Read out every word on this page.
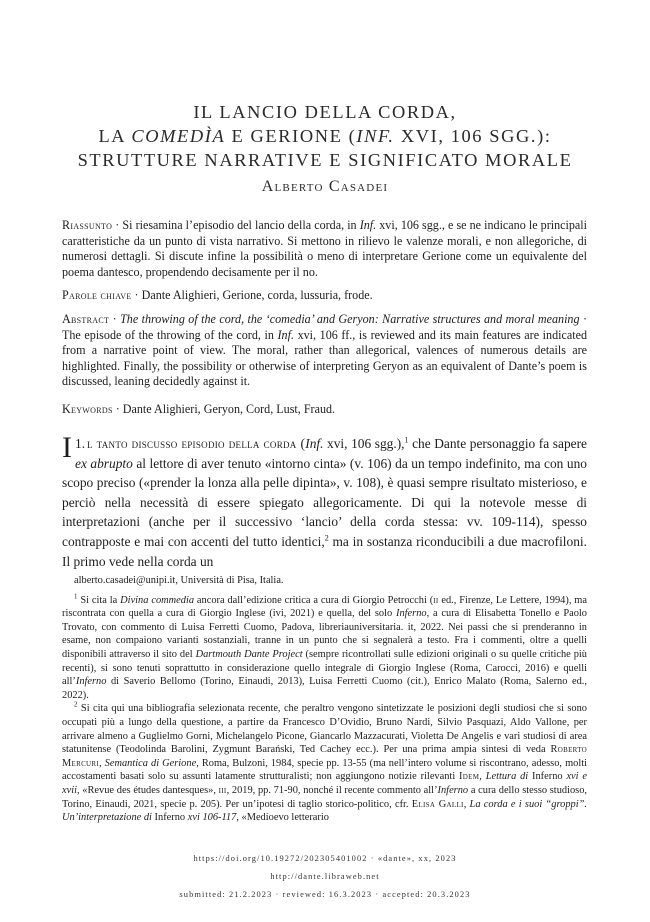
IL LANCIO DELLA CORDA,
LA COMEDÌA E GERIONE (INF. XVI, 106 SGG.):
STRUTTURE NARRATIVE E SIGNIFICATO MORALE
Alberto Casadei
Riassunto · Si riesamina l’episodio del lancio della corda, in Inf. xvi, 106 sgg., e se ne indicano le principali caratteristiche da un punto di vista narrativo. Si mettono in rilievo le valenze morali, e non allegoriche, di numerosi dettagli. Si discute infine la possibilità o meno di interpretare Gerione come un equivalente del poema dantesco, propendendo decisamente per il no.
Parole chiave · Dante Alighieri, Gerione, corda, lussuria, frode.
Abstract · The throwing of the cord, the ‘comedia’ and Geryon: Narrative structures and moral meaning · The episode of the throwing of the cord, in Inf. xvi, 106 ff., is reviewed and its main features are indicated from a narrative point of view. The moral, rather than allegorical, valences of numerous details are highlighted. Finally, the possibility or otherwise of interpreting Geryon as an equivalent of Dante’s poem is discussed, leaning decidedly against it.
Keywords · Dante Alighieri, Geryon, Cord, Lust, Fraud.
1.
I l tanto discusso episodio della corda (Inf. xvi, 106 sgg.),$^1$ che Dante personaggio fa sapere ex abrupto al lettore di aver tenuto «intorno cinta» (v. 106) da un tempo indefinito, ma con uno scopo preciso («prender la lonza alla pelle dipinta», v. 108), è quasi sempre risultato misterioso, e perciò nella necessità di essere spiegato allegoricamente. Di qui la notevole messe di interpretazioni (anche per il successivo ‘lancio’ della corda stessa: vv. 109-114), spesso contrapposte e mai con accenti del tutto identici,$^2$ ma in sostanza riconducibili a due macrofiloni. Il primo vede nella corda un

alberto.casadei@unipi.it, Università di Pisa, Italia.

$^1$ Si cita la Divina commedia ancora dall’edizione critica a cura di Giorgio Petrocchi (ii ed., Firenze, Le Lettere, 1994), ma riscontrata con quella a cura di Giorgio Inglese (ivi, 2021) e quella, del solo Inferno, a cura di Elisabetta Tonello e Paolo Trovato, con commento di Luisa Ferretti Cuomo, Padova, libreriauniversitaria. it, 2022. Nei passi che si prenderanno in esame, non compaiono varianti sostanziali, tranne in un punto che si segnalerà a testo. Fra i commenti, oltre a quelli disponibili attraverso il sito del Dartmouth Dante Project (sempre ricontrollati sulle edizioni originali o su quelle critiche più recenti), si sono tenuti soprattutto in considerazione quello integrale di Giorgio Inglese (Roma, Carocci, 2016) e quelli all’Inferno di Saverio Bellomo (Torino, Einaudi, 2013), Luisa Ferretti Cuomo (cit.), Enrico Malato (Roma, Salerno ed., 2022).

$^2$ Si cita qui una bibliografia selezionata recente, che peraltro vengono sintetizzate le posizioni degli studiosi che si sono occupati più a lungo della questione, a partire da Francesco D’Ovidio, Bruno Nardi, Silvio Pasquazi, Aldo Vallone, per arrivare almeno a Guglielmo Gorni, Michelangelo Picone, Giancarlo Mazzacurati, Violetta De Angelis e vari studiosi di area statunitense (Teodolinda Barolini, Zygmunt Barański, Ted Cachey ecc.). Per una prima ampia sintesi di veda Roberto Mercuri, Semantica di Gerione, Roma, Bulzoni, 1984, specie pp. 13-55 (ma nell’intero volume si riscontrano, adesso, molti accostamenti basati solo su assunti latamente strutturalisti; non aggiungono notizie rilevanti Idem, Lettura di Inferno xvi e xvii, «Revue des études dantesques», iii, 2019, pp. 71-90, nonché il recente commento all’Inferno a cura dello stesso studioso, Torino, Einaudi, 2021, specie p. 205). Per un’ipotesi di taglio storico-politico, cfr. Elisa Galli, La corda e i suoi “groppi”. Un’interpretazione di Inferno xvi 106-117, «Medioevo letterario

https://doi.org/10.19272/202305401002 · «dante», xx, 2023
http://dante.libraweb.net
submitted: 21.2.2023 · reviewed: 16.3.2023 · accepted: 20.3.2023
